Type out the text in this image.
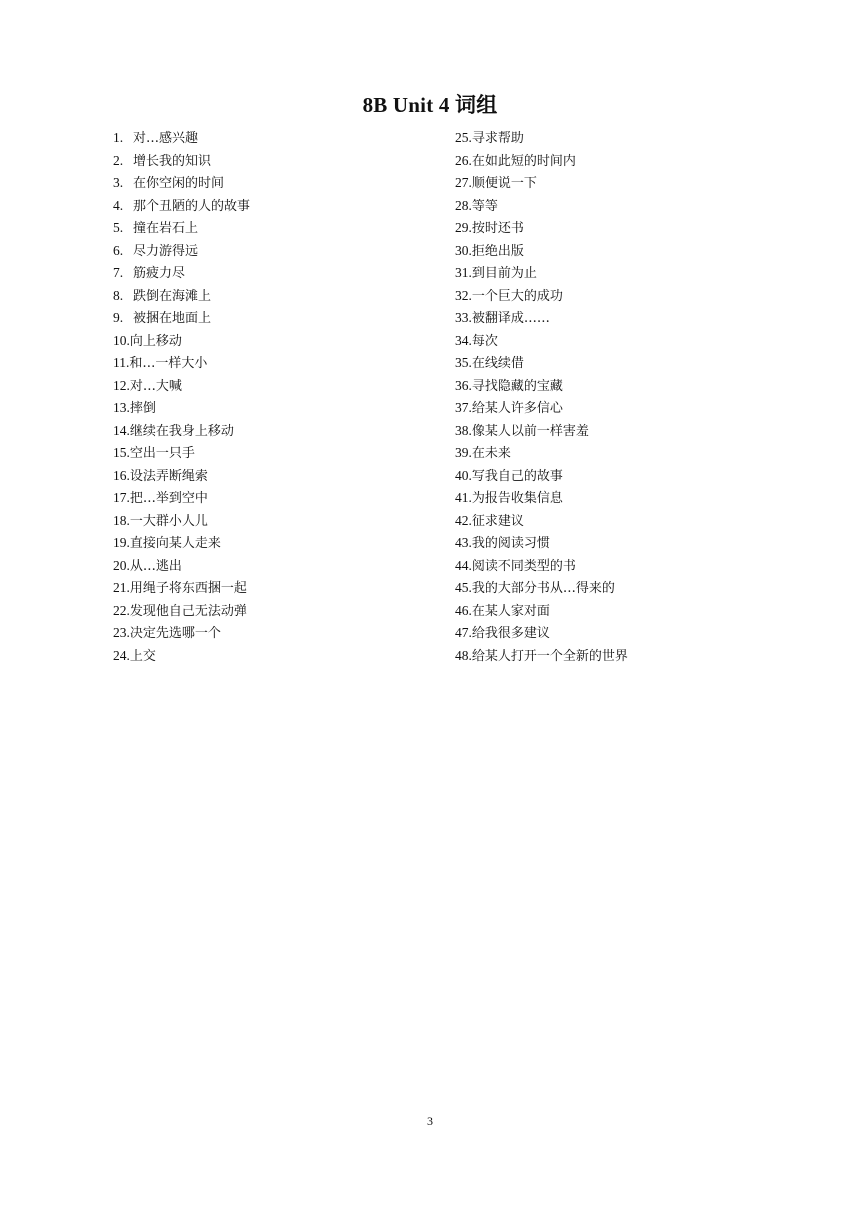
8B Unit 4 词组
1. 对…感兴趣
2. 增长我的知识
3. 在你空闲的时间
4. 那个丑陋的人的故事
5. 撞在岩石上
6. 尽力游得远
7. 筋疲力尽
8. 跌倒在海滩上
9. 被捆在地面上
10. 向上移动
11. 和…一样大小
12. 对…大喊
13. 摔倒
14. 继续在我身上移动
15. 空出一只手
16. 设法弄断绳索
17. 把…举到空中
18. 一大群小人儿
19. 直接向某人走来
20. 从…逃出
21. 用绳子将东西捆一起
22. 发现他自己无法动弹
23. 决定先选哪一个
24. 上交
25. 寻求帮助
26. 在如此短的时间内
27. 顺便说一下
28. 等等
29. 按时还书
30. 拒绝出版
31. 到目前为止
32. 一个巨大的成功
33. 被翻译成……
34. 每次
35. 在线续借
36. 寻找隐藏的宝藏
37. 给某人许多信心
38. 像某人以前一样害羞
39. 在未来
40. 写我自己的故事
41. 为报告收集信息
42. 征求建议
43. 我的阅读习惯
44. 阅读不同类型的书
45. 我的大部分书从…得来的
46. 在某人家对面
47. 给我很多建议
48. 给某人打开一个全新的世界
3
